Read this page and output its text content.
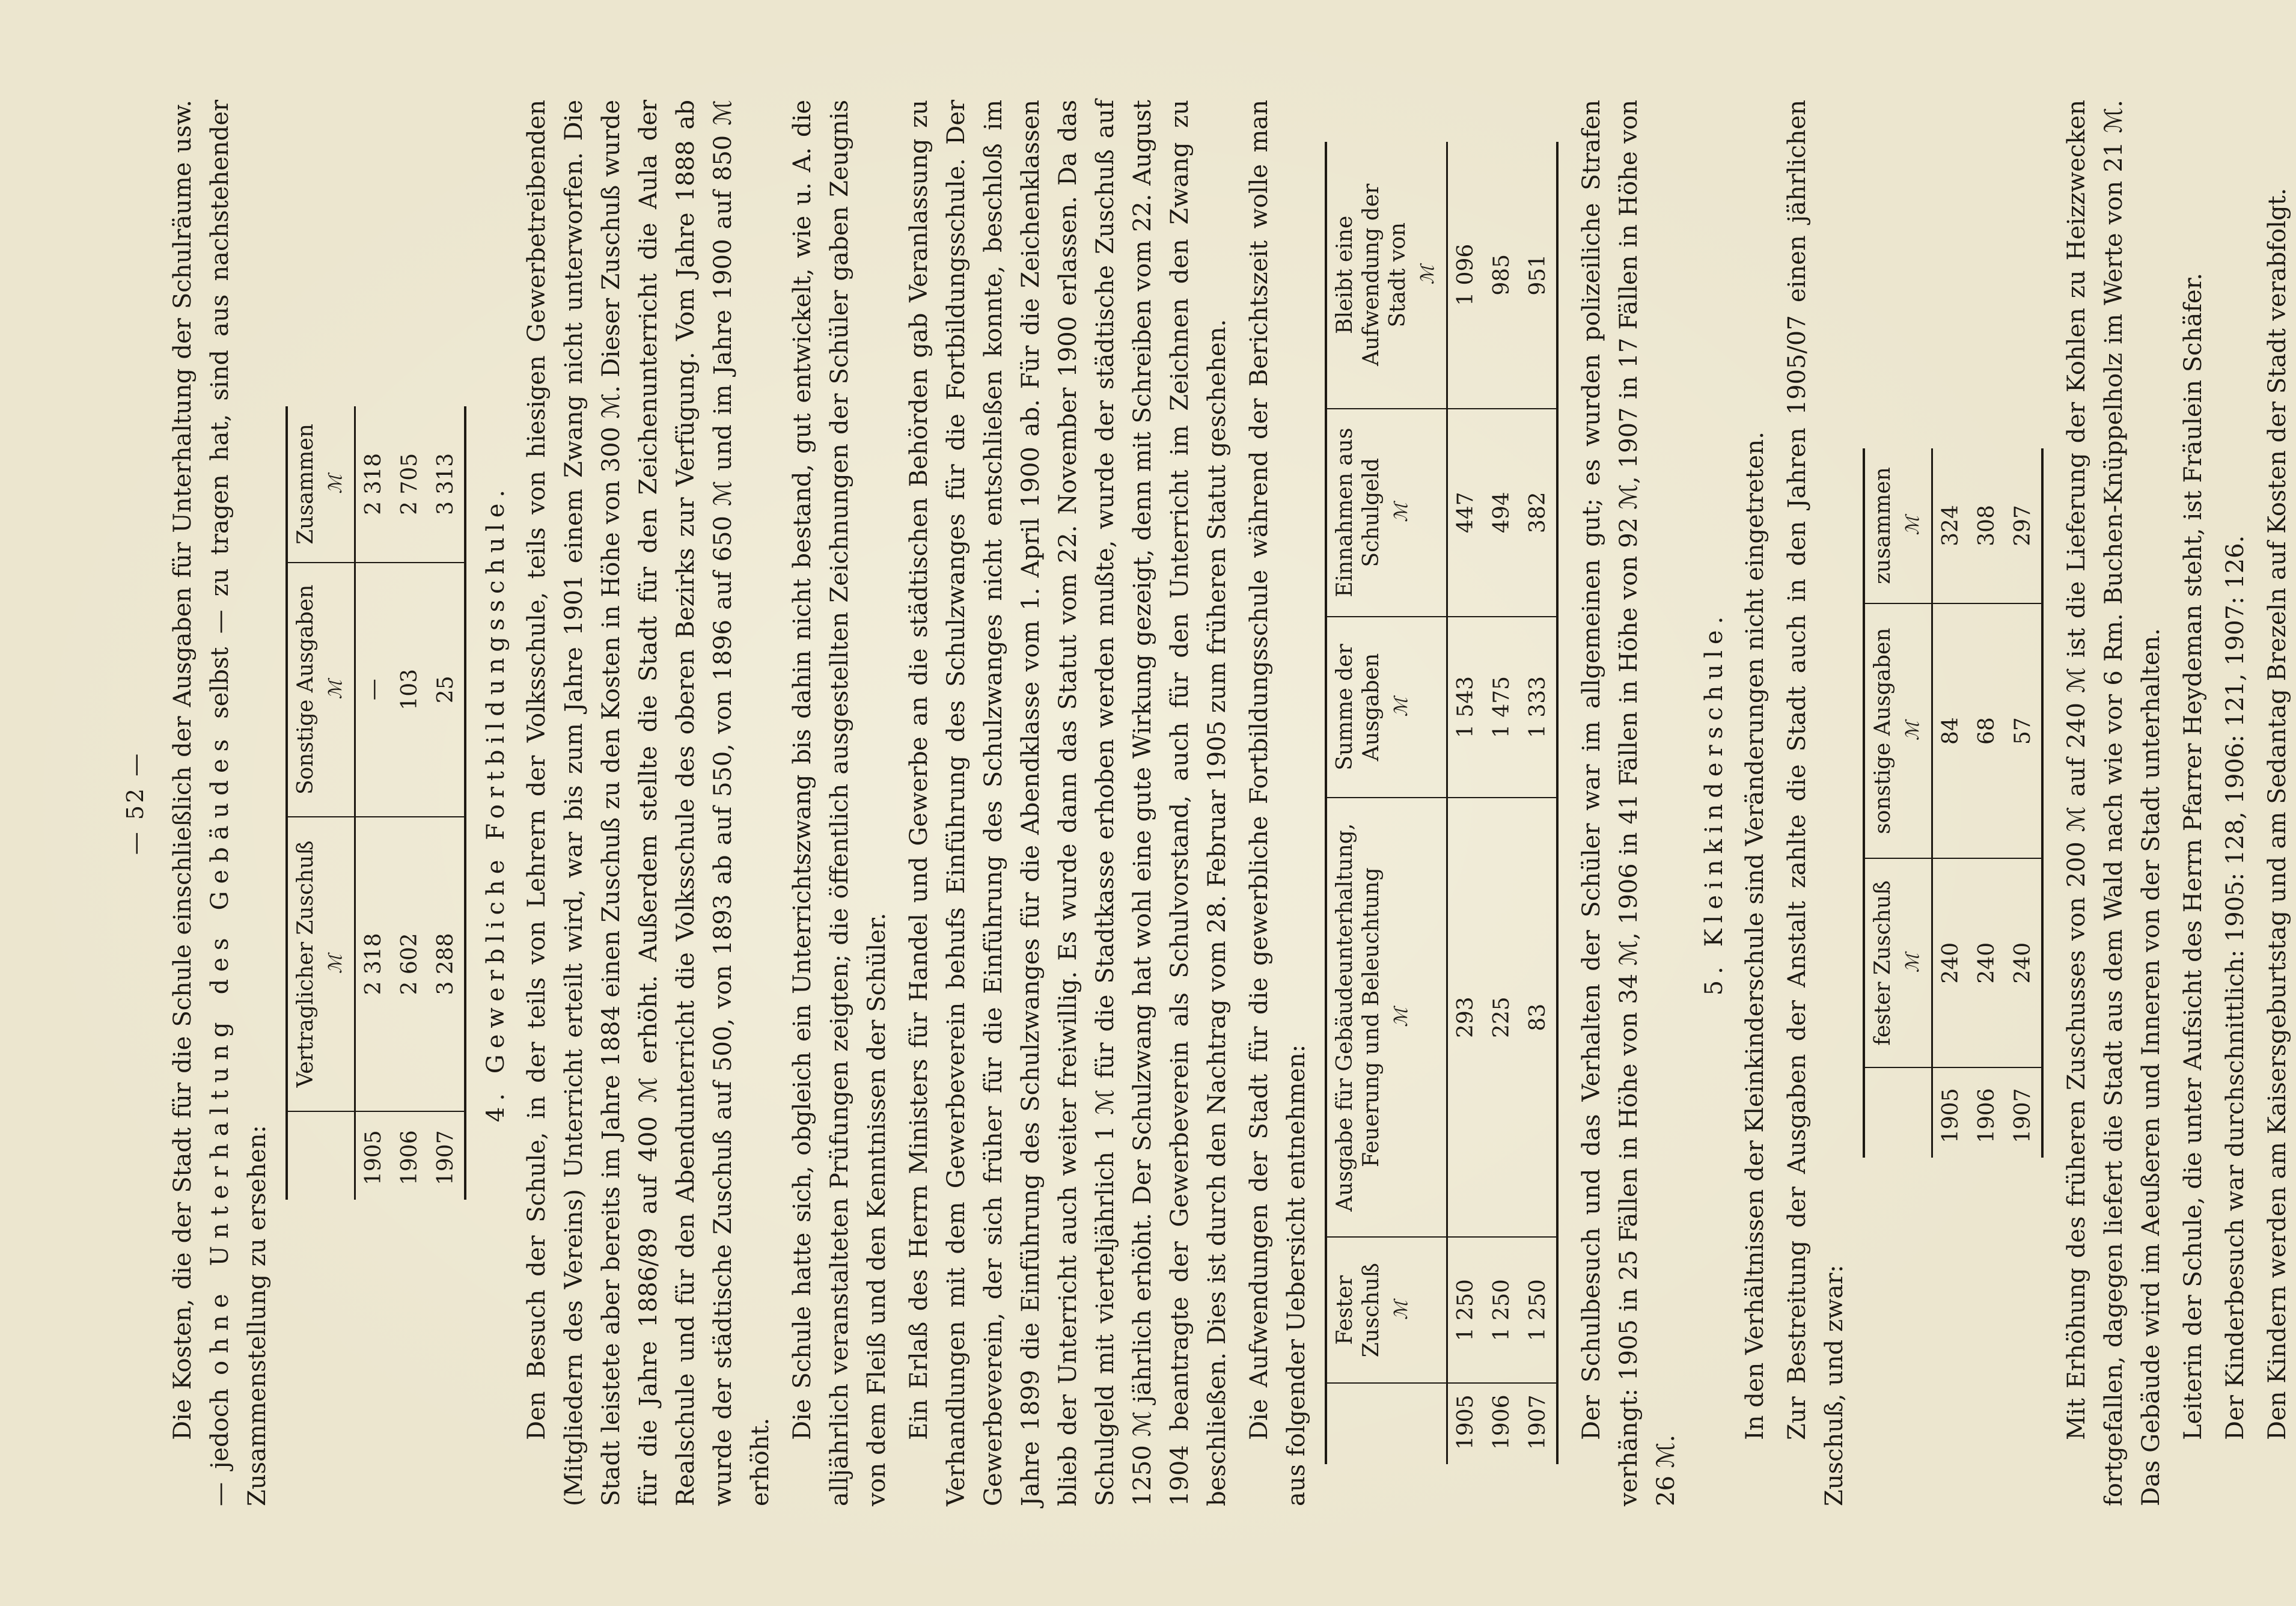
— 52 — Die Kosten, die der Stadt für die Schule einschließlich der Ausgaben für Unterhaltung der Schulräume usw. — jedoch ohne Unterhaltung des Gebäudes selbst — zu tragen hat, sind aus nachstehender Zusammenstellung zu ersehen:

	Vertraglicher Zuschuß ℳ	Sonstige Ausgaben ℳ	Zusammen ℳ

1905	2 318	—	2 318
1906	2 602	103	2 705
1907	3 288	25	3 313 4. Gewerbliche Fortbildungsschule. Den Besuch der Schule, in der teils von Lehrern der Volksschule, teils von hiesigen Gewerbetreibenden (Mitgliedern des Vereins) Unterricht erteilt wird, war bis zum Jahre 1901 einem Zwang nicht unterworfen. Die Stadt leistete aber bereits im Jahre 1884 einen Zuschuß zu den Kosten in Höhe von 300 ℳ. Dieser Zuschuß wurde für die Jahre 1886/89 auf 400 ℳ erhöht. Außerdem stellte die Stadt für den Zeichenunterricht die Aula der Realschule und für den Abendunterricht die Volksschule des oberen Bezirks zur Verfügung. Vom Jahre 1888 ab wurde der städtische Zuschuß auf 500, von 1893 ab auf 550, von 1896 auf 650 ℳ und im Jahre 1900 auf 850 ℳ erhöht.

Die Schule hatte sich, obgleich ein Unterrichtszwang bis dahin nicht bestand, gut entwickelt, wie u. A. die alljährlich veranstalteten Prüfungen zeigten; die öffentlich ausgestellten Zeichnungen der Schüler gaben Zeugnis von dem Fleiß und den Kenntnissen der Schüler. Ein Erlaß des Herrn Ministers für Handel und Gewerbe an die städtischen Behörden gab Veranlassung zu Verhandlungen mit dem Gewerbeverein behufs Einführung des Schulzwanges für die Fortbildungsschule. Der Gewerbeverein, der sich früher für die Einführung des Schulzwanges nicht entschließen konnte, beschloß im Jahre 1899 die Einführung des Schulzwanges für die Abendklasse vom 1. April 1900 ab. Für die Zeichenklassen blieb der Unterricht auch weiter freiwillig. Es wurde dann das Statut vom 22. November 1900 erlassen. Da das Schulgeld mit vierteljährlich 1 ℳ für die Stadtkasse erhoben werden mußte, wurde der städtische Zuschuß auf 1250 ℳ jährlich erhöht. Der Schulzwang hat wohl eine gute Wirkung gezeigt, denn mit Schreiben vom 22. August 1904 beantragte der Gewerbeverein als Schulvorstand, auch für den Unterricht im Zeichnen den Zwang zu beschließen. Dies ist durch den Nachtrag vom 28. Februar 1905 zum früheren Statut geschehen. Die Aufwendungen der Stadt für die gewerbliche Fortbildungsschule während der Berichtszeit wolle man aus folgender Uebersicht entnehmen:

	Fester Zuschuß ℳ	Ausgabe für Gebäudeunterhaltung, Feuerung und Beleuchtung ℳ	Summe der Ausgaben ℳ	Einnahmen aus Schulgeld ℳ	Bleibt eine Aufwendung der Stadt von ℳ

1905	1 250	293	1 543	447	1 096
1906	1 250	225	1 475	494	985
1907	1 250	83	1 333	382	951 Der Schulbesuch und das Verhalten der Schüler war im allgemeinen gut; es wurden polizeiliche Strafen verhängt: 1905 in 25 Fällen in Höhe von 34 ℳ, 1906 in 41 Fällen in Höhe von 92 ℳ, 1907 in 17 Fällen in Höhe von 26 ℳ.

5. Kleinkinderschule. In den Verhältnissen der Kleinkinderschule sind Veränderungen nicht eingetreten. Zur Bestreitung der Ausgaben der Anstalt zahlte die Stadt auch in den Jahren 1905/07 einen jährlichen Zuschuß, und zwar:

	fester Zuschuß ℳ	sonstige Ausgaben ℳ	zusammen ℳ

1905	240	84	324
1906	240	68	308
1907	240	57	297 Mit Erhöhung des früheren Zuschusses von 200 ℳ auf 240 ℳ ist die Lieferung der Kohlen zu Heizzwecken fortgefallen, dagegen liefert die Stadt aus dem Wald nach wie vor 6 Rm. Buchen-Knüppelholz im Werte von 21 ℳ. Das Gebäude wird im Aeußeren und Inneren von der Stadt unterhalten. Leiterin der Schule, die unter Aufsicht des Herrn Pfarrer Heydeman steht, ist Fräulein Schäfer. Der Kinderbesuch war durchschnittlich: 1905: 128, 1906: 121, 1907: 126. Den Kindern werden am Kaisersgeburtstag und am Sedantag Brezeln auf Kosten der Stadt verabfolgt.
